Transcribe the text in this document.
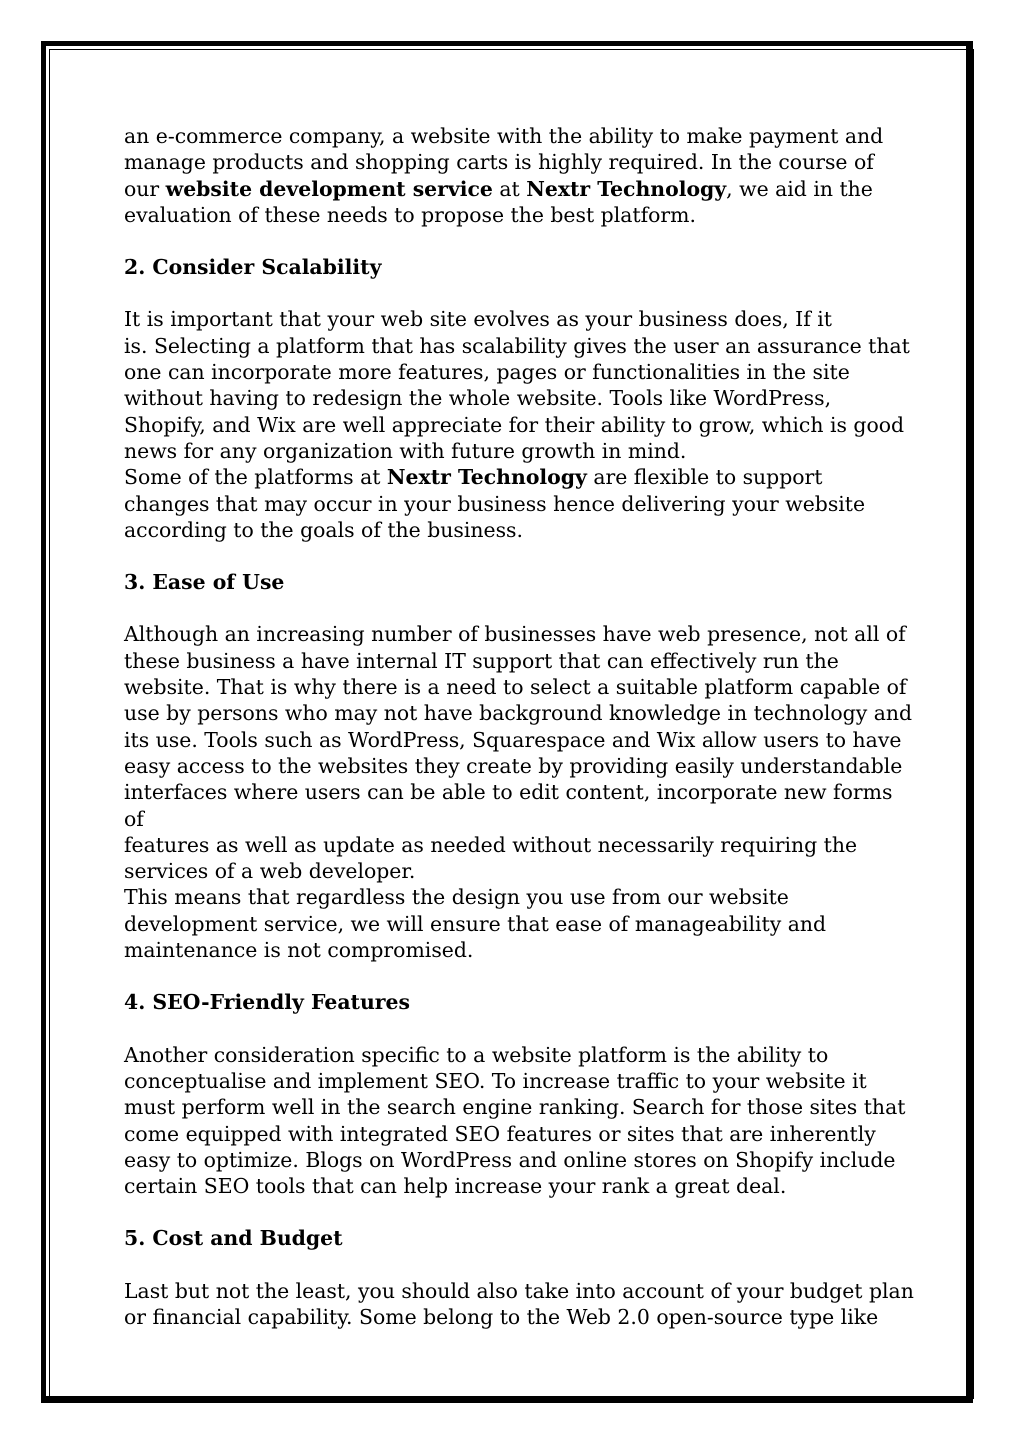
an e-commerce company, a website with the ability to make payment and

manage products and shopping carts is highly required. In the course of

our website development service at Nextr Technology, we aid in the

evaluation of these needs to propose the best platform.

2. Consider Scalability

It is important that your web site evolves as your business does, If it

is. Selecting a platform that has scalability gives the user an assurance that

one can incorporate more features, pages or functionalities in the site

without having to redesign the whole website. Tools like WordPress,

Shopify, and Wix are well appreciate for their ability to grow, which is good

news for any organization with future growth in mind.

Some of the platforms at Nextr Technology are flexible to support

changes that may occur in your business hence delivering your website

according to the goals of the business.

3. Ease of Use

Although an increasing number of businesses have web presence, not all of

these business a have internal IT support that can effectively run the

website. That is why there is a need to select a suitable platform capable of

use by persons who may not have background knowledge in technology and

its use. Tools such as WordPress, Squarespace and Wix allow users to have

easy access to the websites they create by providing easily understandable

interfaces where users can be able to edit content, incorporate new forms of

features as well as update as needed without necessarily requiring the

services of a web developer.

This means that regardless the design you use from our website

development service, we will ensure that ease of manageability and

maintenance is not compromised.

4. SEO-Friendly Features

Another consideration specific to a website platform is the ability to

conceptualise and implement SEO. To increase traffic to your website it

must perform well in the search engine ranking. Search for those sites that

come equipped with integrated SEO features or sites that are inherently

easy to optimize. Blogs on WordPress and online stores on Shopify include

certain SEO tools that can help increase your rank a great deal.

5. Cost and Budget

Last but not the least, you should also take into account of your budget plan

or financial capability. Some belong to the Web 2.0 open-source type like
